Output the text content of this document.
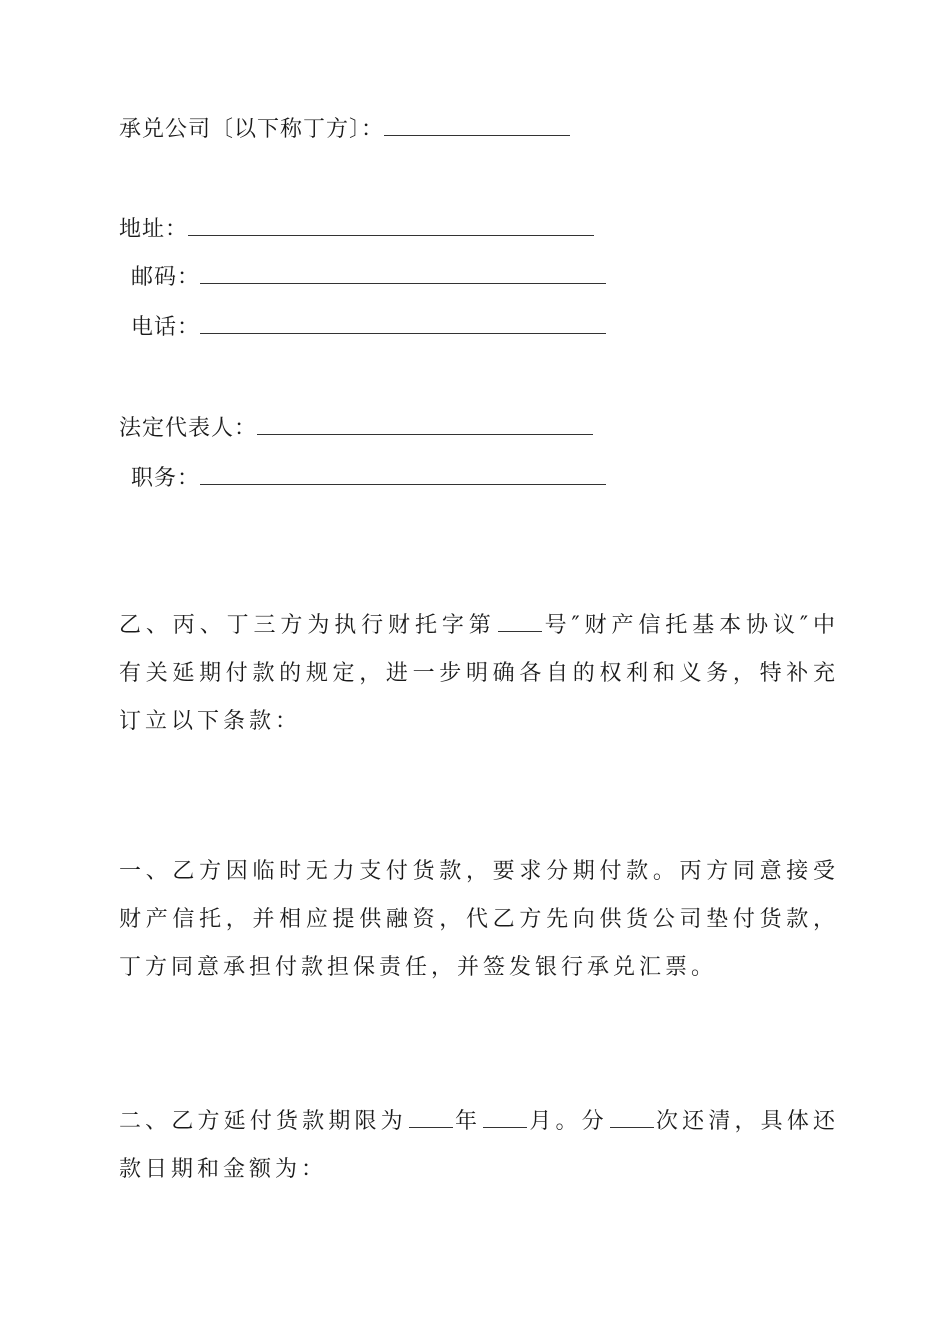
承兑公司〔以下称丁方〕：
地址：
邮码：
电话：
法定代表人：
职务：
乙、丙、丁三方为执行财托字第 号″财产信托基本协议″中有关延期付款的规定，进一步明确各自的权利和义务，特补充订立以下条款：
一、乙方因临时无力支付货款，要求分期付款。丙方同意接受财产信托，并相应提供融资，代乙方先向供货公司垫付货款，丁方同意承担付款担保责任，并签发银行承兑汇票。
二、乙方延付货款期限为 年 月。分 次还清，具体还款日期和金额为：
